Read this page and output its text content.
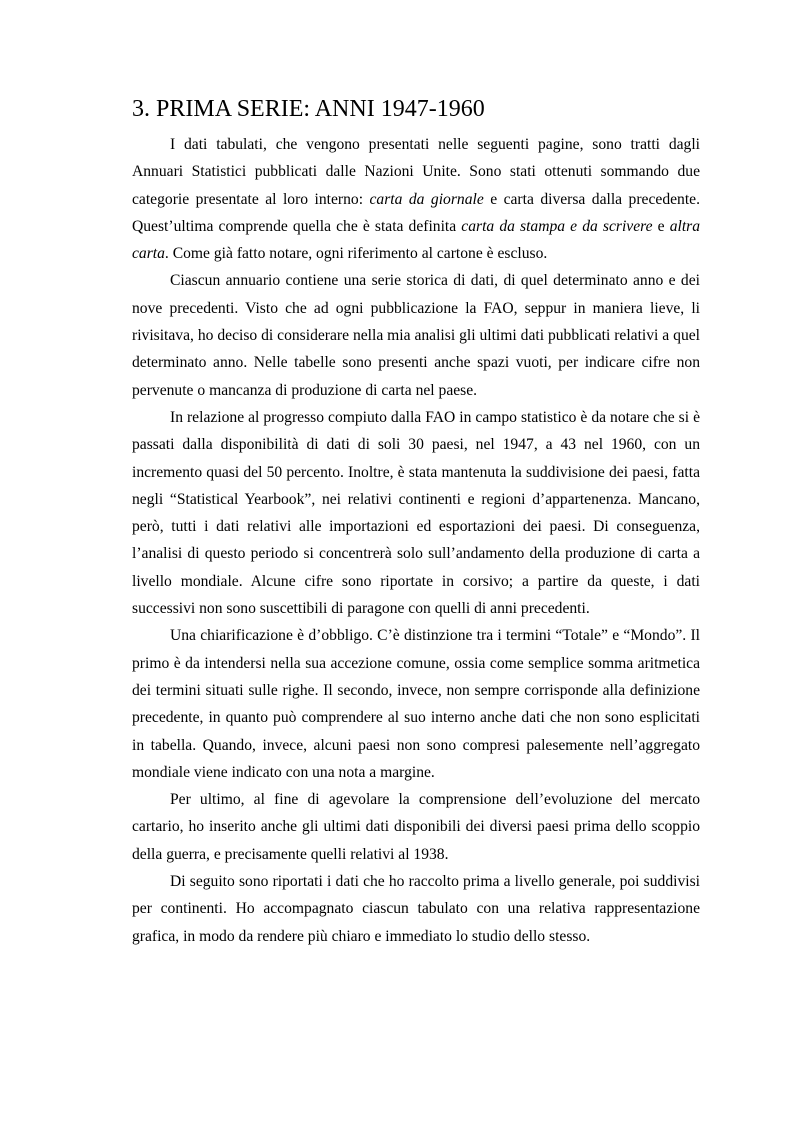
3. PRIMA SERIE: ANNI 1947-1960

I dati tabulati, che vengono presentati nelle seguenti pagine, sono tratti dagli Annuari Statistici pubblicati dalle Nazioni Unite. Sono stati ottenuti sommando due categorie presentate al loro interno: carta da giornale e carta diversa dalla precedente. Quest’ultima comprende quella che è stata definita carta da stampa e da scrivere e altra carta. Come già fatto notare, ogni riferimento al cartone è escluso.

Ciascun annuario contiene una serie storica di dati, di quel determinato anno e dei nove precedenti. Visto che ad ogni pubblicazione la FAO, seppur in maniera lieve, li rivisitava, ho deciso di considerare nella mia analisi gli ultimi dati pubblicati relativi a quel determinato anno. Nelle tabelle sono presenti anche spazi vuoti, per indicare cifre non pervenute o mancanza di produzione di carta nel paese.

In relazione al progresso compiuto dalla FAO in campo statistico è da notare che si è passati dalla disponibilità di dati di soli 30 paesi, nel 1947, a 43 nel 1960, con un incremento quasi del 50 percento. Inoltre, è stata mantenuta la suddivisione dei paesi, fatta negli “Statistical Yearbook”, nei relativi continenti e regioni d’appartenenza. Mancano, però, tutti i dati relativi alle importazioni ed esportazioni dei paesi. Di conseguenza, l’analisi di questo periodo si concentrerà solo sull’andamento della produzione di carta a livello mondiale. Alcune cifre sono riportate in corsivo; a partire da queste, i dati successivi non sono suscettibili di paragone con quelli di anni precedenti.

Una chiarificazione è d’obbligo. C’è distinzione tra i termini “Totale” e “Mondo”. Il primo è da intendersi nella sua accezione comune, ossia come semplice somma aritmetica dei termini situati sulle righe. Il secondo, invece, non sempre corrisponde alla definizione precedente, in quanto può comprendere al suo interno anche dati che non sono esplicitati in tabella. Quando, invece, alcuni paesi non sono compresi palesemente nell’aggregato mondiale viene indicato con una nota a margine.

Per ultimo, al fine di agevolare la comprensione dell’evoluzione del mercato cartario, ho inserito anche gli ultimi dati disponibili dei diversi paesi prima dello scoppio della guerra, e precisamente quelli relativi al 1938.

Di seguito sono riportati i dati che ho raccolto prima a livello generale, poi suddivisi per continenti. Ho accompagnato ciascun tabulato con una relativa rappresentazione grafica, in modo da rendere più chiaro e immediato lo studio dello stesso.
